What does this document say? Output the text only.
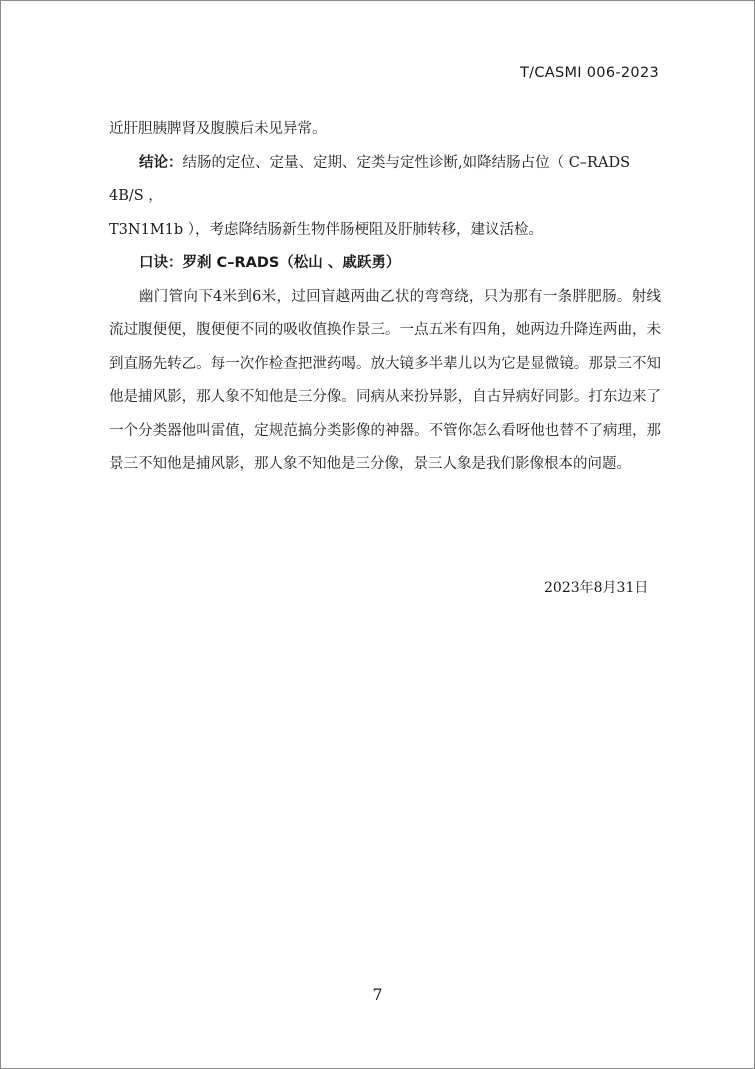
T/CASMI 006-2023

近肝胆胰脾肾及腹膜后未见异常。

结论：结肠的定位、定量、定期、定类与定性诊断,如降结肠占位（ C–RADS 4B/S ，

T3N1M1b ），考虑降结肠新生物伴肠梗阻及肝肺转移，建议活检。

口诀：罗刹 C–RADS（松山 、戚跃勇）

幽门管向下4米到6米，过回盲越两曲乙状的弯弯绕，只为那有一条胖肥肠。射线流过腹便便，腹便便不同的吸收值换作景三。一点五米有四角，她两边升降连两曲，未到直肠先转乙。每一次作检查把泄药喝。放大镜多半辈儿以为它是显微镜。那景三不知他是捕风影，那人象不知他是三分像。同病从来扮异影，自古异病好同影。打东边来了一个分类器他叫雷值，定规范搞分类影像的神器。不管你怎么看呀他也替不了病理，那景三不知他是捕风影，那人象不知他是三分像，景三人象是我们影像根本的问题。

2023年8月31日
7
